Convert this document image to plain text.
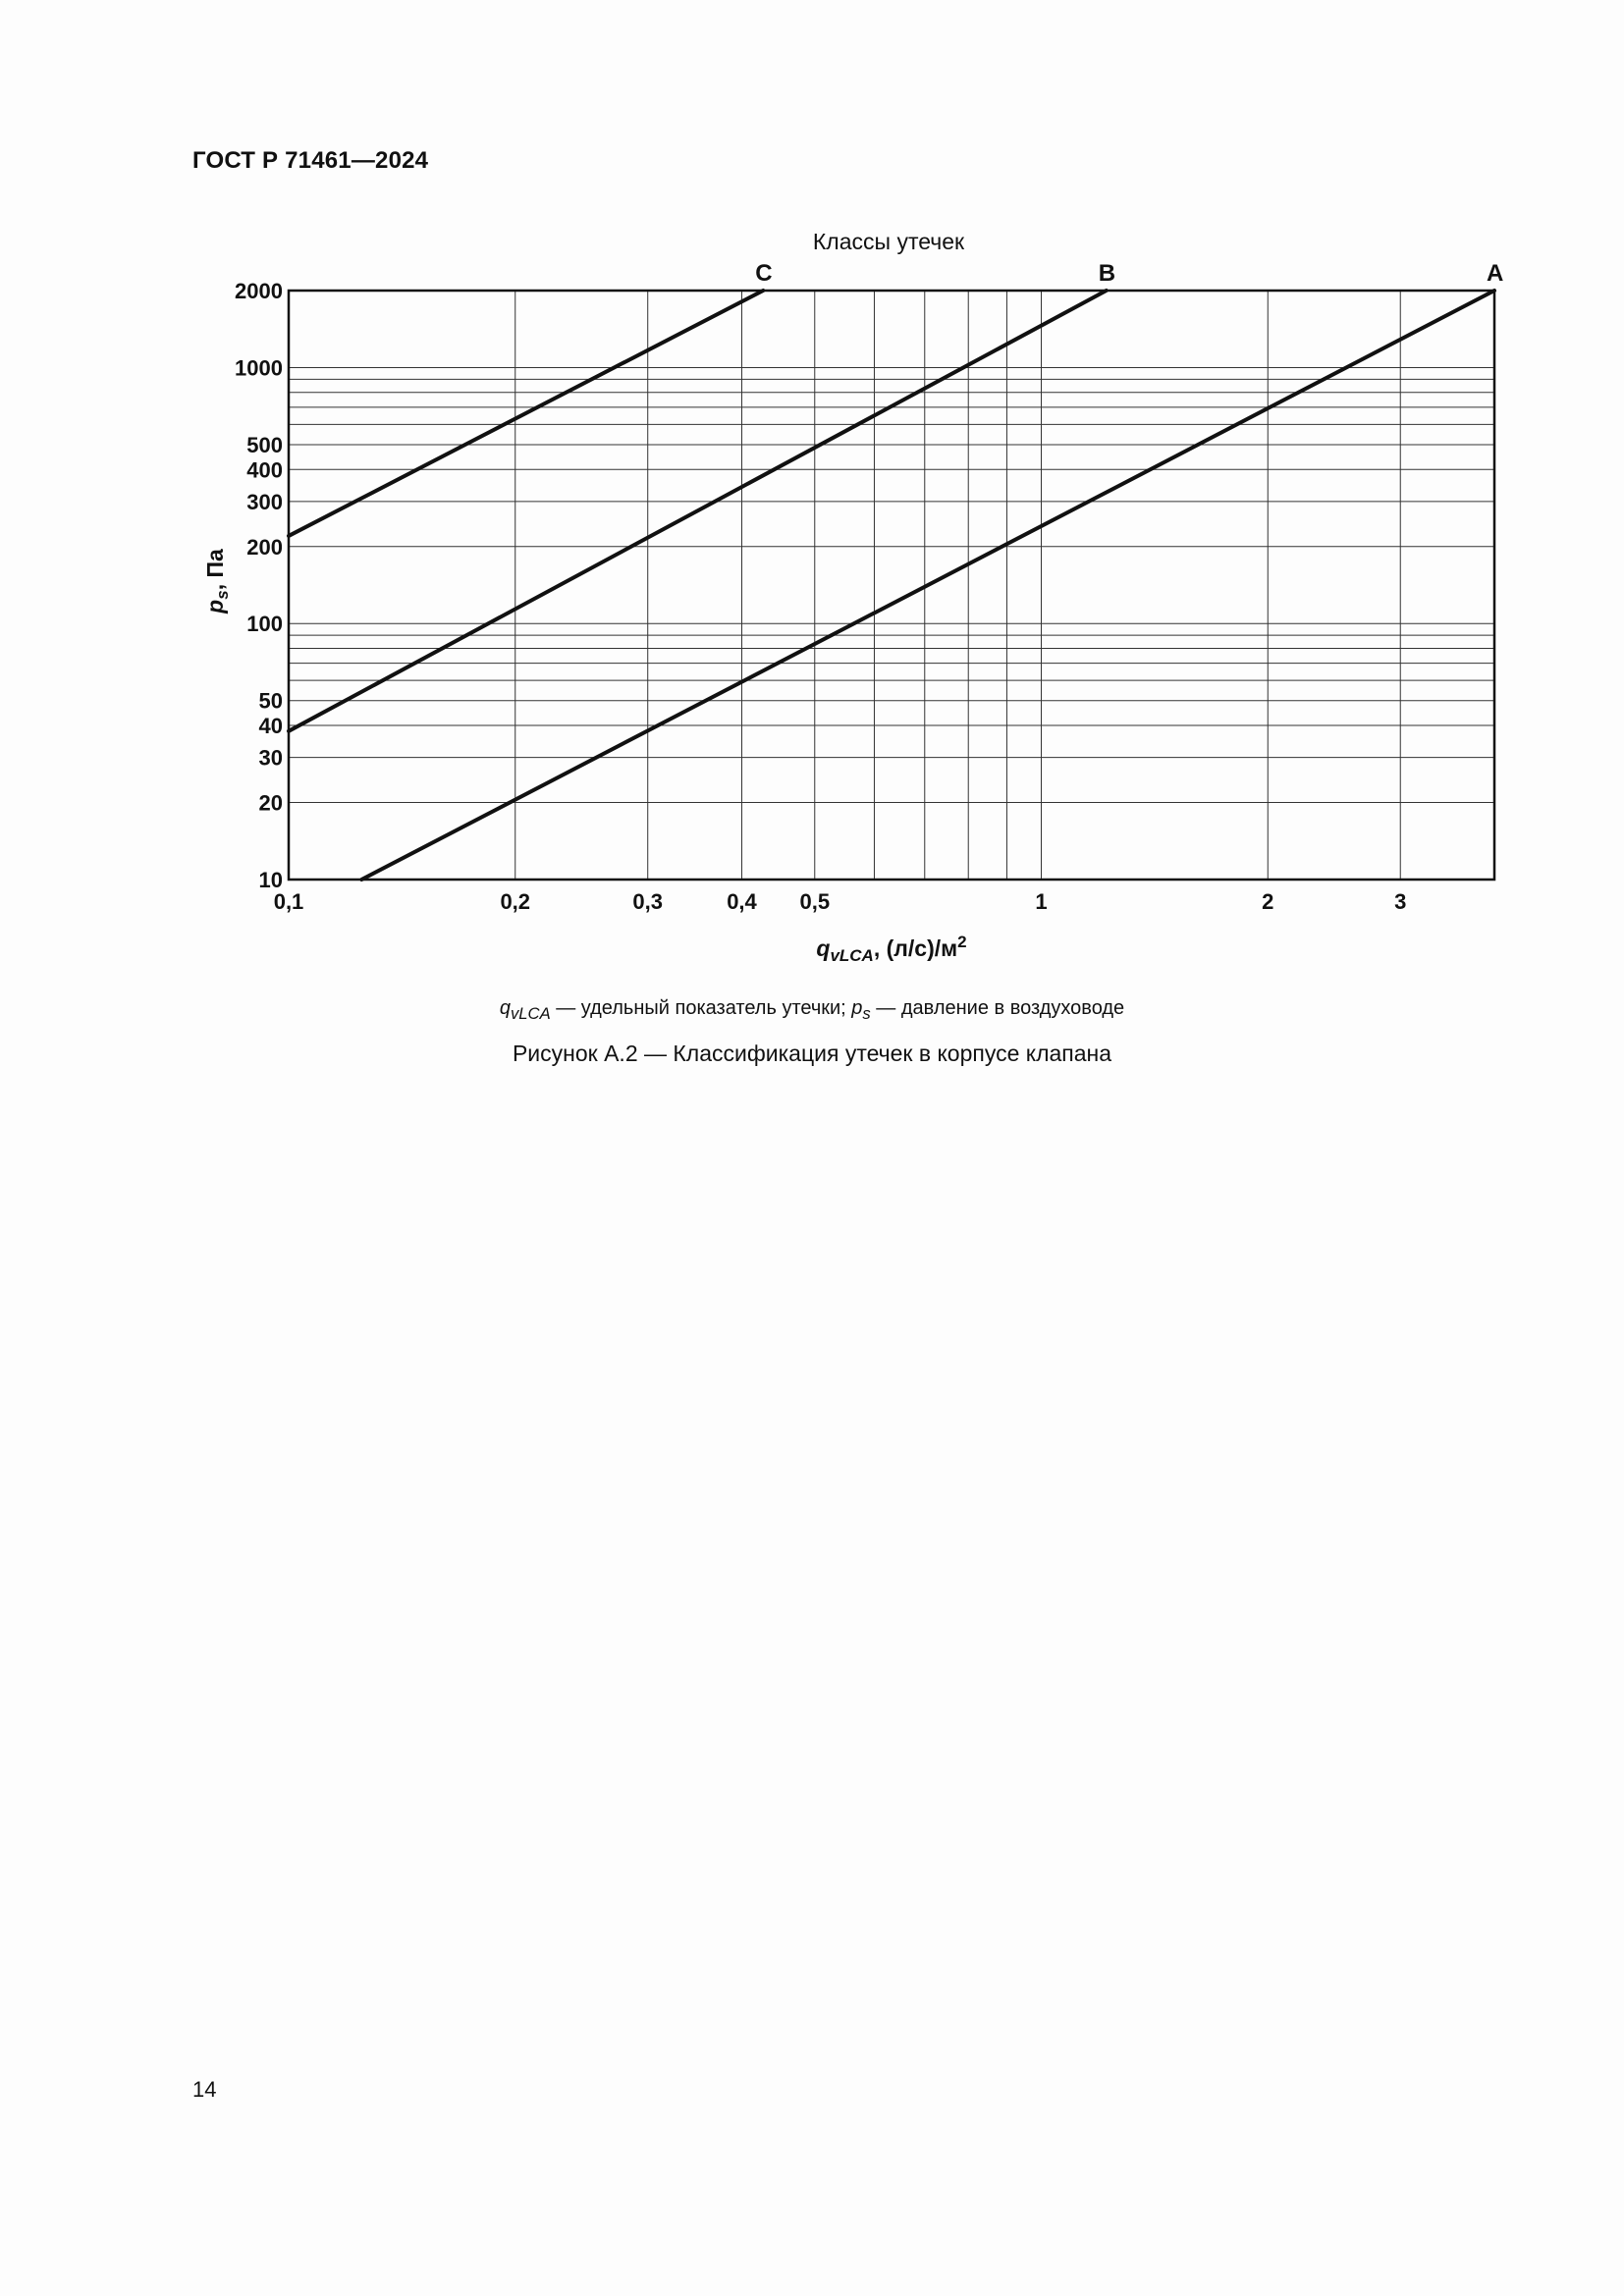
ГОСТ Р 71461—2024

0,1	0,2	0,3	0,4 0,5	1	2	3
10
20
30
40
50
100
200
300
400
500
1000
2000
C	B	A
Классы утечек
$q_{vLCA}$, $(л/с)/м^2$
$p_s$, Па

$q_{vLCA}$ — удельный показатель утечки; $p_s$ — давление в воздуховоде

Рисунок А.2 — Классификация утечек в корпусе клапана

14
